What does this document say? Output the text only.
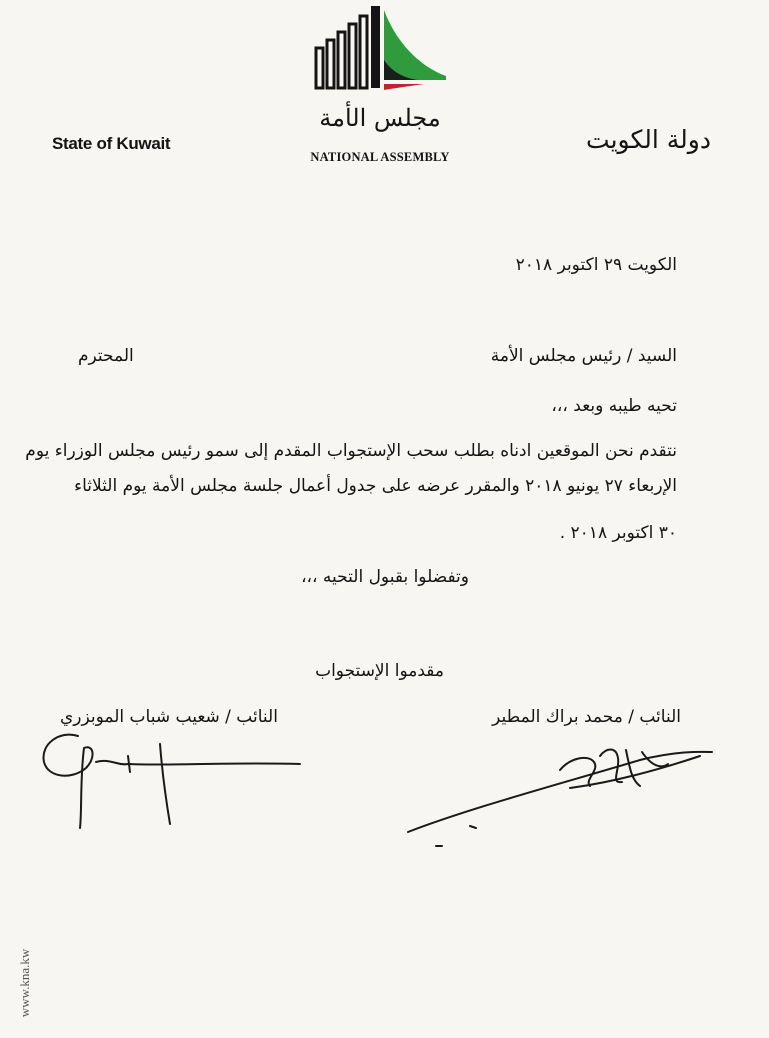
مجلس الأمة
NATIONAL ASSEMBLY
State of Kuwait	دولة الكويت
الكويت ٢٩ اكتوبر ٢٠١٨
السيد / رئيس مجلس الأمة
المحترم
تحيه طيبه وبعد ،،،
نتقدم نحن الموقعين ادناه بطلب سحب الإستجواب المقدم إلى سمو رئيس مجلس الوزراء يوم
الإربعاء ٢٧ يونيو ٢٠١٨ والمقرر عرضه على جدول أعمال جلسة مجلس الأمة يوم الثلاثاء
٣٠ اكتوبر ٢٠١٨ .
وتفضلوا بقبول التحيه ،،،
مقدموا الإستجواب
النائب / محمد براك المطير
النائب / شعيب شباب الموبزري
www.kna.kw
